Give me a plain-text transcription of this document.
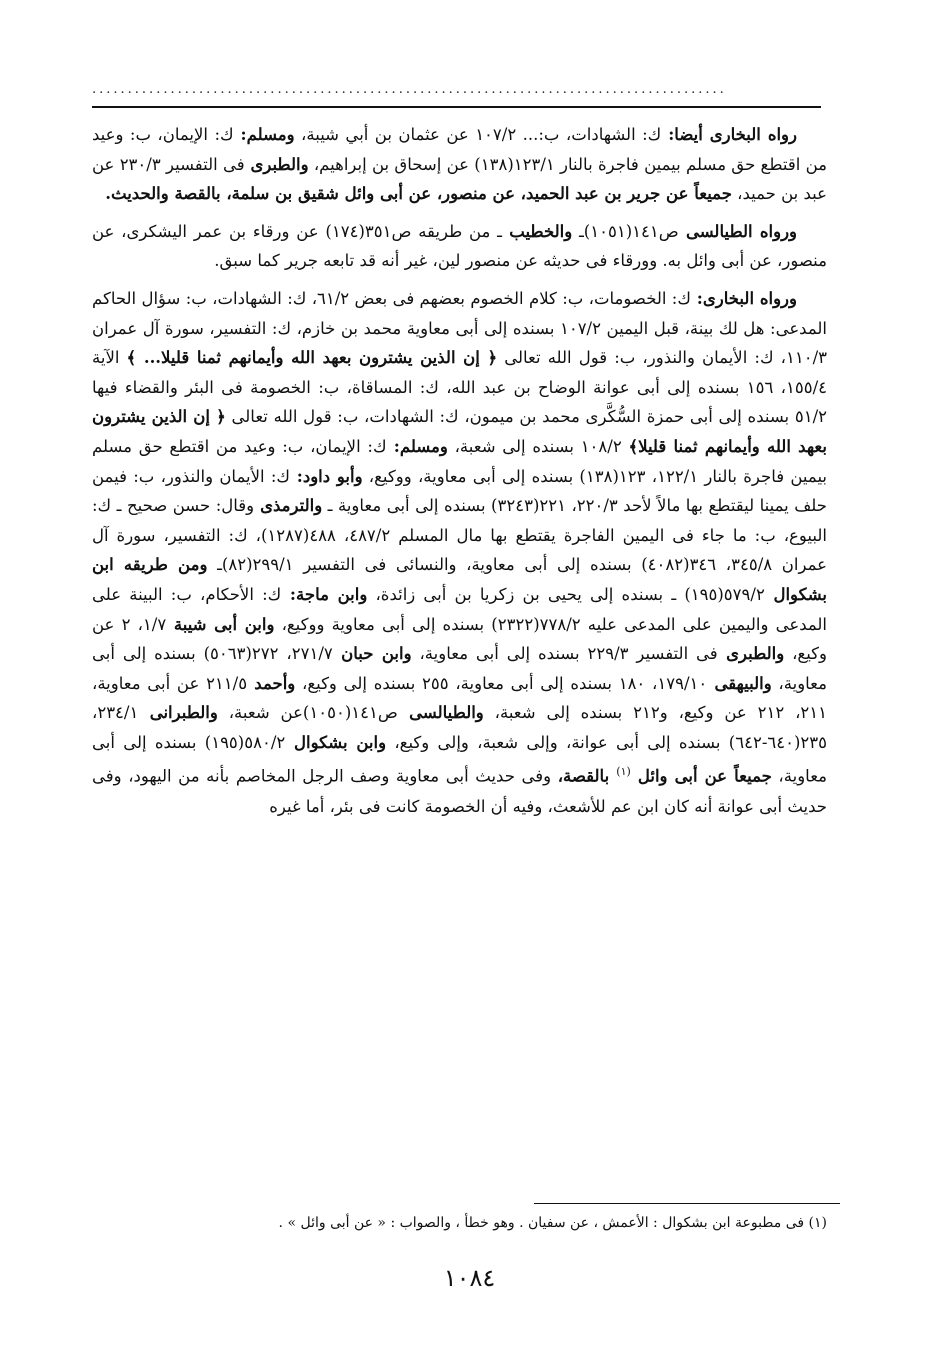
.........................................................................................

رواه البخارى أيضا: ك: الشهادات، ب:... ١٠٧/٢ عن عثمان بن أبي شيبة، ومسلم: ك: الإيمان، ب: وعيد من اقتطع حق مسلم بيمين فاجرة بالنار ١٢٣/١(١٣٨) عن إسحاق بن إبراهيم، والطبرى فى التفسير ٢٣٠/٣ عن عبد بن حميد، جميعاً عن جرير بن عبد الحميد، عن منصور، عن أبى وائل شقيق بن سلمة، بالقصة والحديث.

ورواه الطيالسى ص١٤١(١٠٥١)ـ والخطيب ـ من طريقه ص٣٥١(١٧٤) عن ورقاء بن عمر اليشكرى، عن منصور، عن أبى وائل به. وورقاء فى حديثه عن منصور لين، غير أنه قد تابعه جرير كما سبق.

ورواه البخارى: ك: الخصومات، ب: كلام الخصوم بعضهم فى بعض ٦١/٢، ك: الشهادات، ب: سؤال الحاكم المدعى: هل لك بينة، قبل اليمين ١٠٧/٢ بسنده إلى أبى معاوية محمد بن خازم، ك: التفسير، سورة آل عمران ١١٠/٣، ك: الأيمان والنذور، ب: قول الله تعالى ﴿ إن الذين يشترون بعهد الله وأيمانهم ثمنا قليلا... ﴾ الآية ١٥٥/٤، ١٥٦ بسنده إلى أبى عوانة الوضاح بن عبد الله، ك: المساقاة، ب: الخصومة فى البئر والقضاء فيها ٥١/٢ بسنده إلى أبى حمزة السُّكَّرى محمد بن ميمون، ك: الشهادات، ب: قول الله تعالى ﴿ إن الذين يشترون بعهد الله وأيمانهم ثمنا قليلا﴾ ١٠٨/٢ بسنده إلى شعبة، ومسلم: ك: الإيمان، ب: وعيد من اقتطع حق مسلم بيمين فاجرة بالنار ١٢٢/١، ١٢٣(١٣٨) بسنده إلى أبى معاوية، ووكيع، وأبو داود: ك: الأيمان والنذور، ب: فيمن حلف يمينا ليقتطع بها مالاً لأحد ٢٢٠/٣، ٢٢١(٣٢٤٣) بسنده إلى أبى معاوية ـ والترمذى وقال: حسن صحيح ـ ك: البيوع، ب: ما جاء فى اليمين الفاجرة يقتطع بها مال المسلم ٤٨٧/٢، ٤٨٨(١٢٨٧)، ك: التفسير، سورة آل عمران ٣٤٥/٨، ٣٤٦(٤٠٨٢) بسنده إلى أبى معاوية، والنسائى فى التفسير ٢٩٩/١(٨٢)ـ ومن طريقه ابن بشكوال ٥٧٩/٢(١٩٥) ـ بسنده إلى يحيى بن زكريا بن أبى زائدة، وابن ماجة: ك: الأحكام، ب: البينة على المدعى واليمين على المدعى عليه ٧٧٨/٢(٢٣٢٢) بسنده إلى أبى معاوية ووكيع، وابن أبى شيبة ١/٧، ٢ عن وكيع، والطبرى فى التفسير ٢٢٩/٣ بسنده إلى أبى معاوية، وابن حبان ٢٧١/٧، ٢٧٢(٥٠٦٣) بسنده إلى أبى معاوية، والبيهقى ١٧٩/١٠، ١٨٠ بسنده إلى أبى معاوية، ٢٥٥ بسنده إلى وكيع، وأحمد ٢١١/٥ عن أبى معاوية، ٢١١، ٢١٢ عن وكيع، و٢١٢ بسنده إلى شعبة، والطيالسى ص١٤١(١٠٥٠)عن شعبة، والطبرانى ٢٣٤/١، ٢٣٥(٦٤٠-٦٤٢) بسنده إلى أبى عوانة، وإلى شعبة، وإلى وكيع، وابن بشكوال ٥٨٠/٢(١٩٥) بسنده إلى أبى معاوية، جميعاً عن أبى وائل $^{(١)}$ بالقصة، وفى حديث أبى معاوية وصف الرجل المخاصم بأنه من اليهود، وفى حديث أبى عوانة أنه كان ابن عم للأشعث، وفيه أن الخصومة كانت فى بئر، أما غيره

(١) فى مطبوعة ابن بشكوال : الأعمش ، عن سفيان . وهو خطأ ، والصواب : « عن أبى وائل » .
١٠٨٤
